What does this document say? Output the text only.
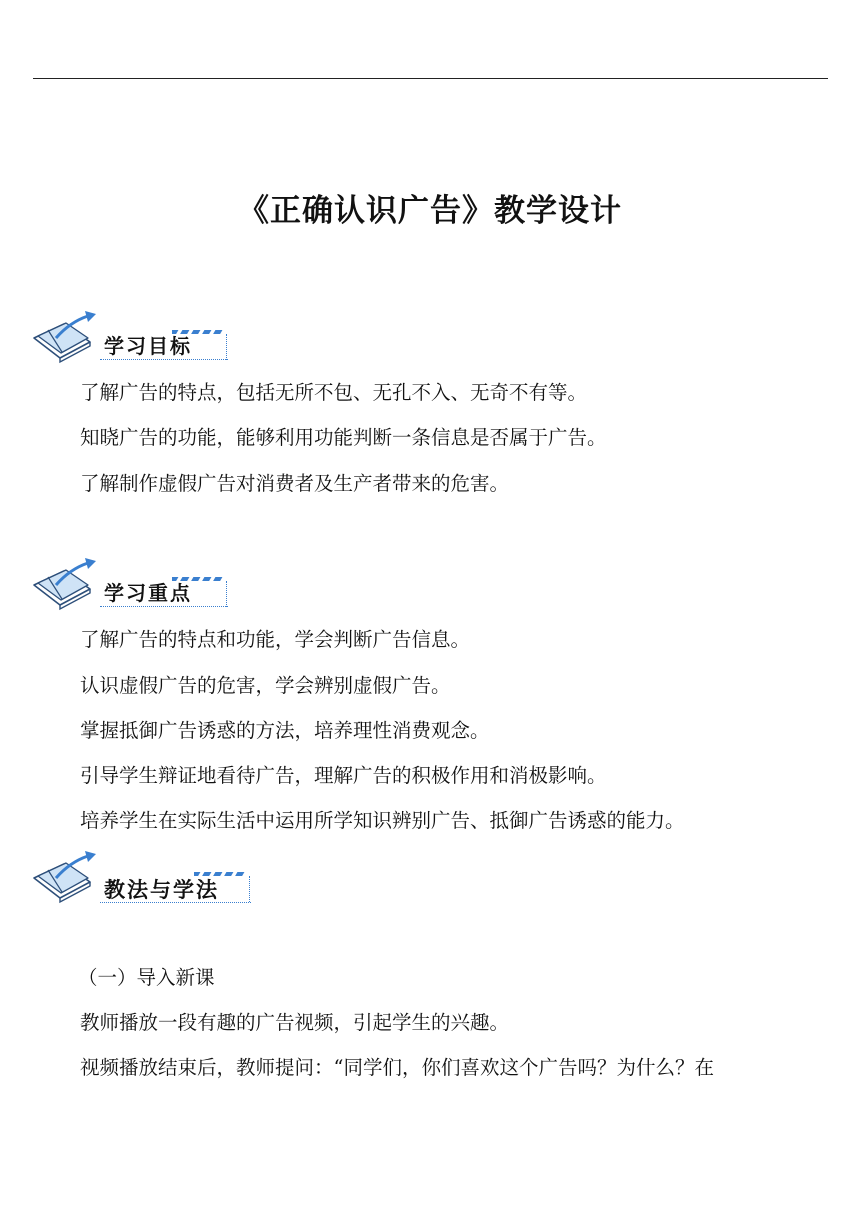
《正确认识广告》教学设计
学习目标
了解广告的特点，包括无所不包、无孔不入、无奇不有等。
知晓广告的功能，能够利用功能判断一条信息是否属于广告。
了解制作虚假广告对消费者及生产者带来的危害。
学习重点
了解广告的特点和功能，学会判断广告信息。
认识虚假广告的危害，学会辨别虚假广告。
掌握抵御广告诱惑的方法，培养理性消费观念。
引导学生辩证地看待广告，理解广告的积极作用和消极影响。
培养学生在实际生活中运用所学知识辨别广告、抵御广告诱惑的能力。
教法与学法
（一）导入新课
教师播放一段有趣的广告视频，引起学生的兴趣。
视频播放结束后，教师提问：“同学们，你们喜欢这个广告吗？为什么？在
